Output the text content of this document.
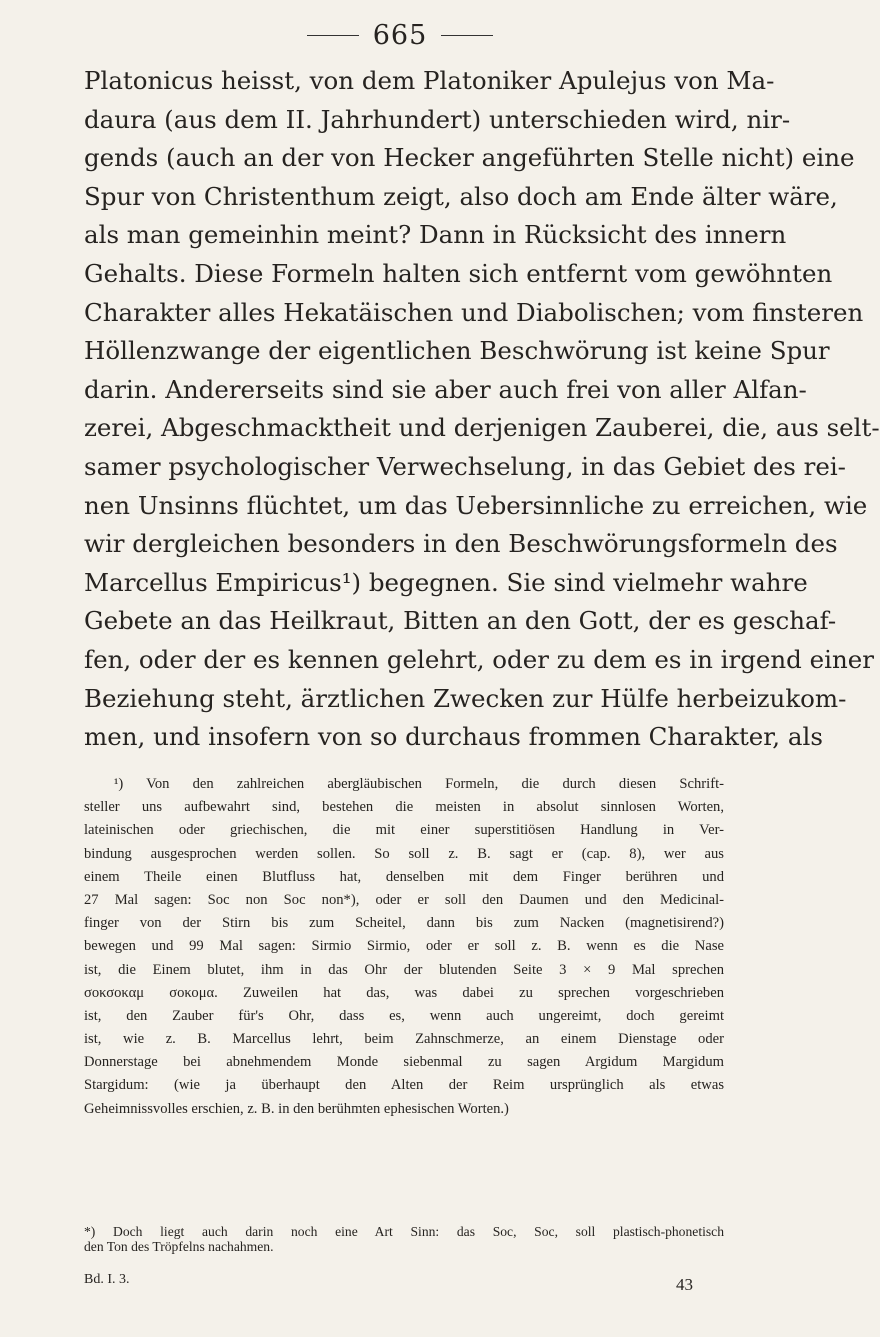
665
Platonicus heisst, von dem Platoniker Apulejus von Ma-
daura (aus dem II. Jahrhundert) unterschieden wird, nir-
gends (auch an der von Hecker angeführten Stelle nicht) eine
Spur von Christenthum zeigt, also doch am Ende älter wäre,
als man gemeinhin meint? Dann in Rücksicht des innern
Gehalts. Diese Formeln halten sich entfernt vom gewöhnten
Charakter alles Hekatäischen und Diabolischen; vom finsteren
Höllenzwange der eigentlichen Beschwörung ist keine Spur
darin. Andererseits sind sie aber auch frei von aller Alfan-
zerei, Abgeschmacktheit und derjenigen Zauberei, die, aus selt-
samer psychologischer Verwechselung, in das Gebiet des rei-
nen Unsinns flüchtet, um das Uebersinnliche zu erreichen, wie
wir dergleichen besonders in den Beschwörungsformeln des
Marcellus Empiricus¹) begegnen. Sie sind vielmehr wahre
Gebete an das Heilkraut, Bitten an den Gott, der es geschaf-
fen, oder der es kennen gelehrt, oder zu dem es in irgend einer
Beziehung steht, ärztlichen Zwecken zur Hülfe herbeizukom-
men, und insofern von so durchaus frommen Charakter, als
¹) Von den zahlreichen abergläubischen Formeln, die durch diesen Schrift-
steller uns aufbewahrt sind, bestehen die meisten in absolut sinnlosen Worten,
lateinischen oder griechischen, die mit einer superstitiösen Handlung in Ver-
bindung ausgesprochen werden sollen. So soll z. B. sagt er (cap. 8), wer aus
einem Theile einen Blutfluss hat, denselben mit dem Finger berühren und
27 Mal sagen: Soc non Soc non*), oder er soll den Daumen und den Medicinal-
finger von der Stirn bis zum Scheitel, dann bis zum Nacken (magnetisirend?)
bewegen und 99 Mal sagen: Sirmio Sirmio, oder er soll z. B. wenn es die Nase
ist, die Einem blutet, ihm in das Ohr der blutenden Seite 3 × 9 Mal sprechen
σοκσοκαμ σοκομα. Zuweilen hat das, was dabei zu sprechen vorgeschrieben
ist, den Zauber für's Ohr, dass es, wenn auch ungereimt, doch gereimt
ist, wie z. B. Marcellus lehrt, beim Zahnschmerze, an einem Dienstage oder
Donnerstage bei abnehmendem Monde siebenmal zu sagen Argidum Margidum
Stargidum: (wie ja überhaupt den Alten der Reim ursprünglich als etwas
Geheimnissvolles erschien, z. B. in den berühmten ephesischen Worten.)
*) Doch liegt auch darin noch eine Art Sinn: das Soc, Soc, soll plastisch-phonetisch
den Ton des Tröpfelns nachahmen.
Bd. I. 3.	43
